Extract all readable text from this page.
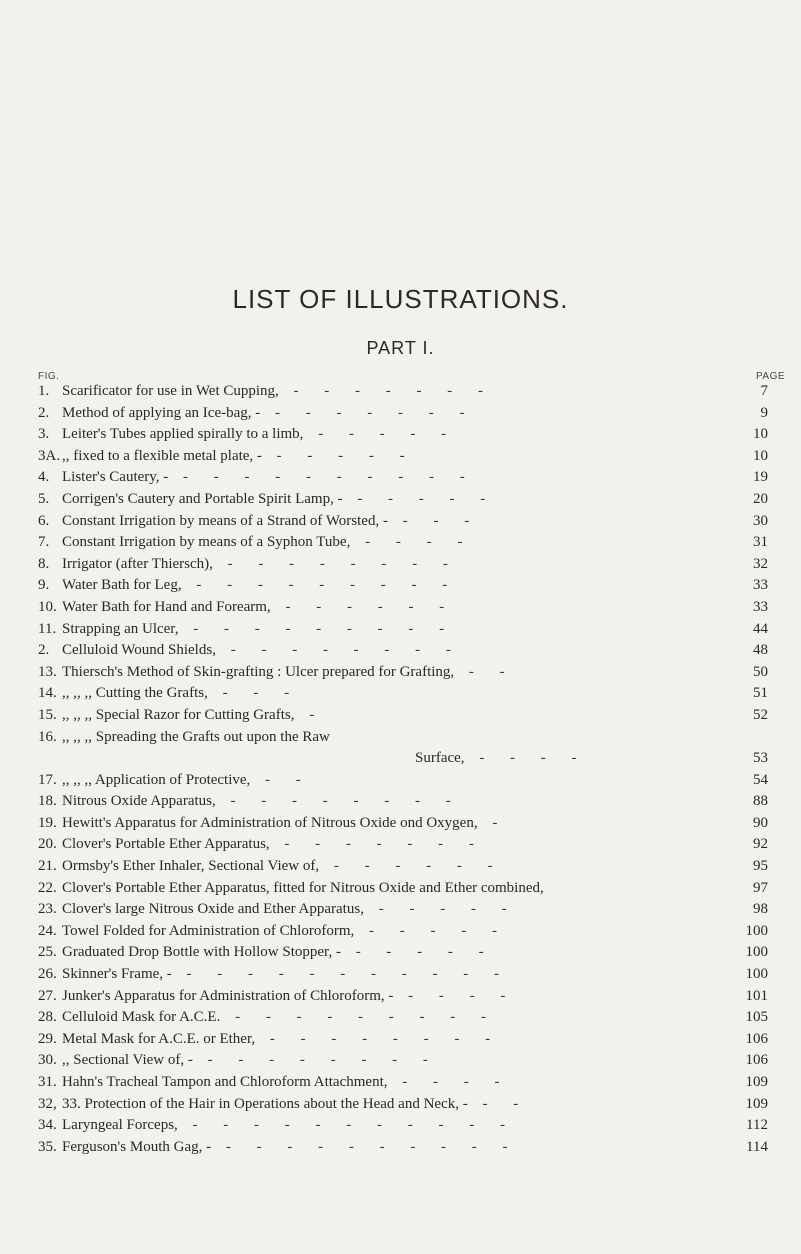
LIST OF ILLUSTRATIONS.
PART I.
FIG.	PAGE
1. Scarificator for use in Wet Cupping, - - - - - - -	7
2. Method of applying an Ice-bag, - - - - - - - -	9
3. Leiter's Tubes applied spirally to a limb, - - - - -	10
3A. ,, fixed to a flexible metal plate, - - - - - -	10
4. Lister's Cautery, - - - - - - - - - - -	19
5. Corrigen's Cautery and Portable Spirit Lamp, - - - - - -	20
6. Constant Irrigation by means of a Strand of Worsted, - - - -	30
7. Constant Irrigation by means of a Syphon Tube, - - - -	31
8. Irrigator (after Thiersch), - - - - - - - -	32
9. Water Bath for Leg, - - - - - - - - -	33
10. Water Bath for Hand and Forearm, - - - - - -	33
11. Strapping an Ulcer, - - - - - - - - -	44
2. Celluloid Wound Shields, - - - - - - - -	48
13. Thiersch's Method of Skin-grafting : Ulcer prepared for Grafting, - -	50
14. ,, ,, ,, Cutting the Grafts, - - -	51
15. ,, ,, ,, Special Razor for Cutting Grafts, -	52
16. ,, ,, ,, Spreading the Grafts out upon the Raw
Surface, - - - -	53
17. ,, ,, ,, Application of Protective, - -	54
18. Nitrous Oxide Apparatus, - - - - - - - -	88
19. Hewitt's Apparatus for Administration of Nitrous Oxide ond Oxygen, -	90
20. Clover's Portable Ether Apparatus, - - - - - - -	92
21. Ormsby's Ether Inhaler, Sectional View of, - - - - - -	95
22. Clover's Portable Ether Apparatus, fitted for Nitrous Oxide and Ether combined,	97
23. Clover's large Nitrous Oxide and Ether Apparatus, - - - - -	98
24. Towel Folded for Administration of Chloroform, - - - - -	100
25. Graduated Drop Bottle with Hollow Stopper, - - - - - -	100
26. Skinner's Frame, - - - - - - - - - - - -	100
27. Junker's Apparatus for Administration of Chloroform, - - - - -	101
28. Celluloid Mask for A.C.E. - - - - - - - - -	105
29. Metal Mask for A.C.E. or Ether, - - - - - - - -	106
30. ,, Sectional View of, - - - - - - - - -	106
31. Hahn's Tracheal Tampon and Chloroform Attachment, - - - -	109
32, 33. Protection of the Hair in Operations about the Head and Neck, - - -	109
34. Laryngeal Forceps, - - - - - - - - - - -	112
35. Ferguson's Mouth Gag, - - - - - - - - - - -	114
